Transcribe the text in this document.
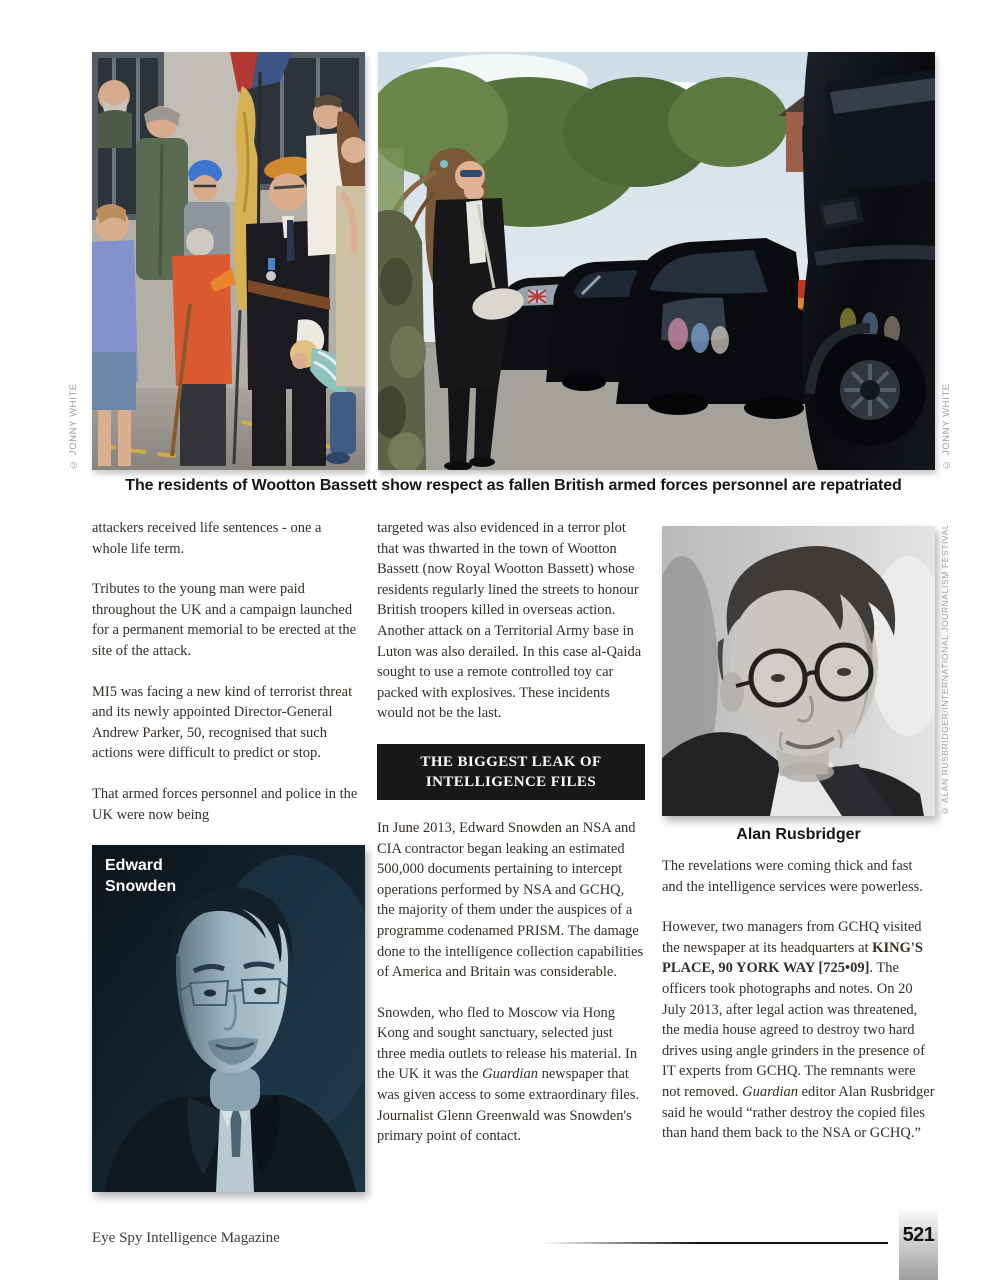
© JONNY WHITE	© JONNY WHITE
The residents of Wootton Bassett show respect as fallen British armed forces personnel are repatriated

attackers received life sentences - one a whole life term.

Tributes to the young man were paid throughout the UK and a campaign launched for a permanent memorial to be erected at the site of the attack.

MI5 was facing a new kind of terrorist threat and its newly appointed Director-General Andrew Parker, 50, recognised that such actions were difficult to predict or stop.

That armed forces personnel and police in the UK were now being

Edward
Snowden

targeted was also evidenced in a terror plot that was thwarted in the town of Wootton Bassett (now Royal Wootton Bassett) whose residents regularly lined the streets to honour British troopers killed in overseas action. Another attack on a Territorial Army base in Luton was also derailed. In this case al-Qaida sought to use a remote controlled toy car packed with explosives. These incidents would not be the last.

THE BIGGEST LEAK OF
INTELLIGENCE FILES

In June 2013, Edward Snowden an NSA and CIA contractor began leaking an estimated 500,000 documents pertaining to intercept operations performed by NSA and GCHQ, the majority of them under the auspices of a programme codenamed PRISM. The damage done to the intelligence collection capabilities of America and Britain was considerable.

Snowden, who fled to Moscow via Hong Kong and sought sanctuary, selected just three media outlets to release his material. In the UK it was the Guardian newspaper that was given access to some extraordinary files. Journalist Glenn Greenwald was Snowden's primary point of contact.

© ALAN RUSBRIDGER/INTERNATIONAL JOURNALISM FESTIVAL
Alan Rusbridger

The revelations were coming thick and fast and the intelligence services were powerless.

However, two managers from GCHQ visited the newspaper at its headquarters at KING'S PLACE, 90 YORK WAY [725•09]. The officers took photographs and notes. On 20 July 2013, after legal action was threatened, the media house agreed to destroy two hard drives using angle grinders in the presence of IT experts from GCHQ. The remnants were not removed. Guardian editor Alan Rusbridger said he would “rather destroy the copied files than hand them back to the NSA or GCHQ.”

Eye Spy Intelligence Magazine	521
